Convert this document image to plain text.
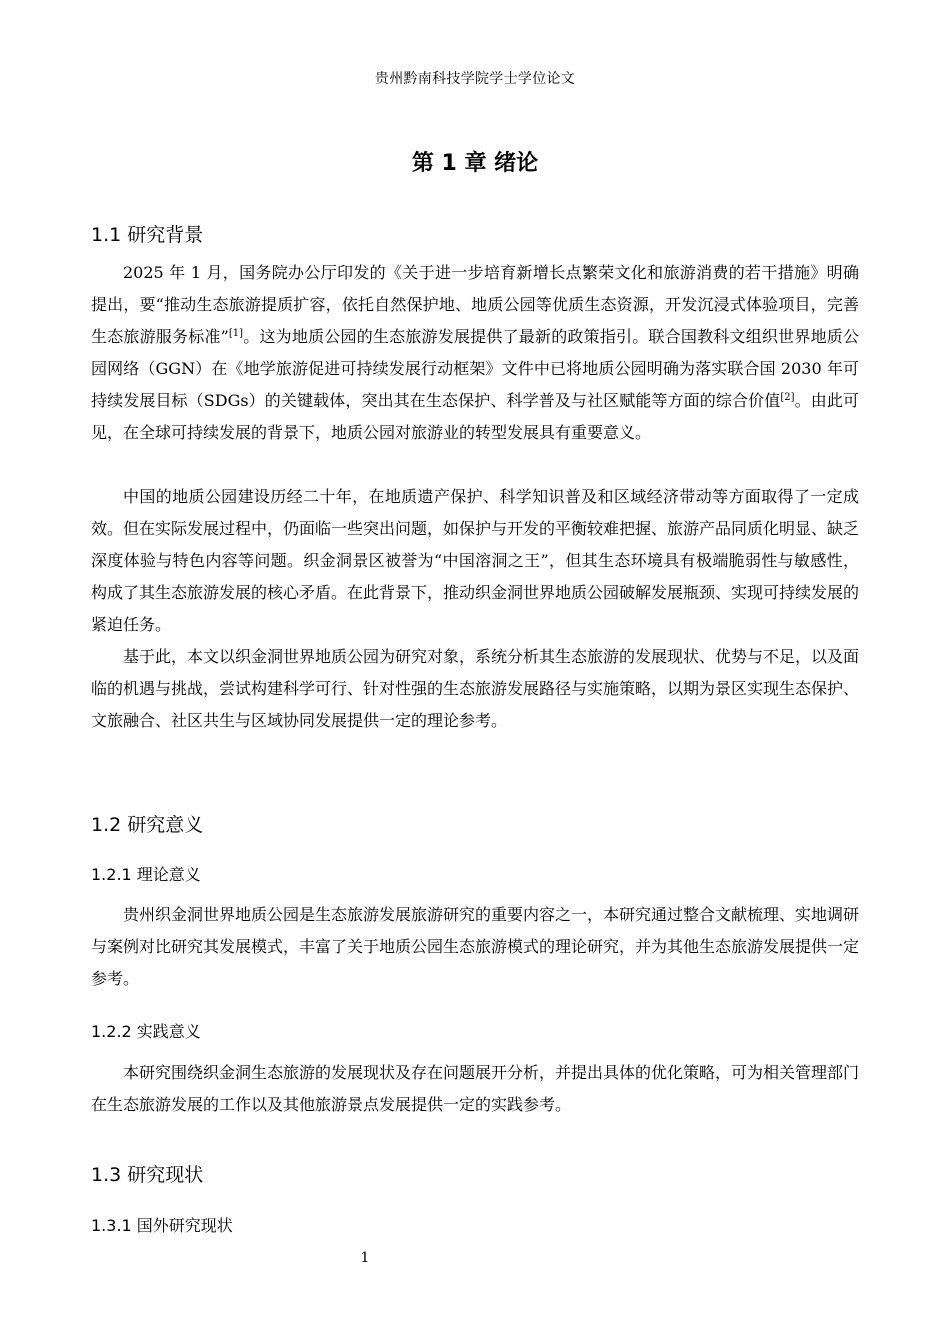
贵州黔南科技学院学士学位论文
第 1 章 绪论
1.1 研究背景

2025 年 1 月，国务院办公厅印发的《关于进一步培育新增长点繁荣文化和旅游消费的若干措施》明确提出，要“推动生态旅游提质扩容，依托自然保护地、地质公园等优质生态资源，开发沉浸式体验项目，完善生态旅游服务标准”[1]。这为地质公园的生态旅游发展提供了最新的政策指引。联合国教科文组织世界地质公园网络（GGN）在《地学旅游促进可持续发展行动框架》文件中已将地质公园明确为落实联合国 2030 年可持续发展目标（SDGs）的关键载体，突出其在生态保护、科学普及与社区赋能等方面的综合价值[2]。由此可见，在全球可持续发展的背景下，地质公园对旅游业的转型发展具有重要意义。

中国的地质公园建设历经二十年，在地质遗产保护、科学知识普及和区域经济带动等方面取得了一定成效。但在实际发展过程中，仍面临一些突出问题，如保护与开发的平衡较难把握、旅游产品同质化明显、缺乏深度体验与特色内容等问题。织金洞景区被誉为“中国溶洞之王”，但其生态环境具有极端脆弱性与敏感性，构成了其生态旅游发展的核心矛盾。在此背景下，推动织金洞世界地质公园破解发展瓶颈、实现可持续发展的紧迫任务。

基于此，本文以织金洞世界地质公园为研究对象，系统分析其生态旅游的发展现状、优势与不足，以及面临的机遇与挑战，尝试构建科学可行、针对性强的生态旅游发展路径与实施策略，以期为景区实现生态保护、文旅融合、社区共生与区域协同发展提供一定的理论参考。

1.2 研究意义
1.2.1 理论意义

贵州织金洞世界地质公园是生态旅游发展旅游研究的重要内容之一，本研究通过整合文献梳理、实地调研与案例对比研究其发展模式，丰富了关于地质公园生态旅游模式的理论研究，并为其他生态旅游发展提供一定参考。

1.2.2 实践意义

本研究围绕织金洞生态旅游的发展现状及存在问题展开分析，并提出具体的优化策略，可为相关管理部门在生态旅游发展的工作以及其他旅游景点发展提供一定的实践参考。

1.3 研究现状
1.3.1 国外研究现状
1
